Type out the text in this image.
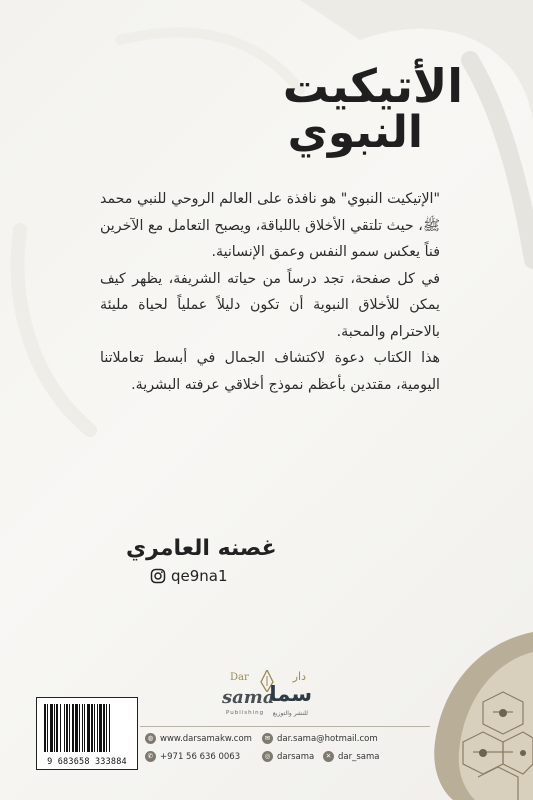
الأتيكيت
النبوي

"الإتيكيت النبوي" هو نافذة على العالم الروحي للنبي محمد ﷺ، حيث تلتقي الأخلاق باللباقة، ويصبح التعامل مع الآخرين فناً يعكس سمو النفس وعمق الإنسانية.

في كل صفحة، تجد درساً من حياته الشريفة، يظهر كيف يمكن للأخلاق النبوية أن تكون دليلاً عملياً لحياة مليئة بالاحترام والمحبة.

هذا الكتاب دعوة لاكتشاف الجمال في أبسط تعاملاتنا اليومية، مقتدين بأعظم نموذج أخلاقي عرفته البشرية.

غصنه العامري
qe9na1
Dar	دار
sama
سما
Publishing للنشر والتوزيع
9 683658 333884
◍ www.darsamakw.com	✉ dar.sama@hotmail.com
✆ +971 56 636 0063	◎ darsama	✕ dar_sama
